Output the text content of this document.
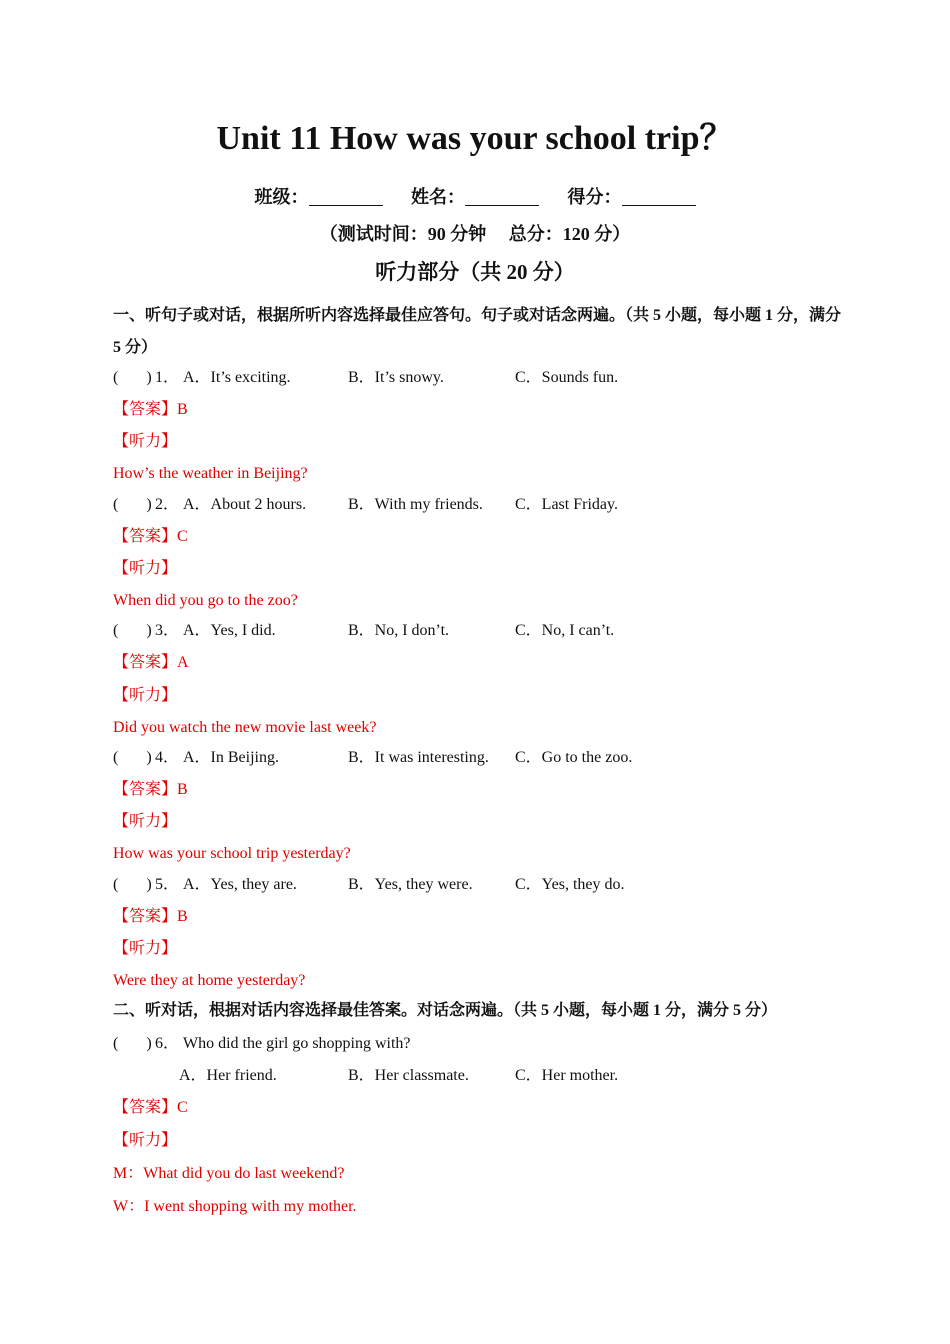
Unit 11 How was your school trip？
班级：	姓名：	得分：
（测试时间：90 分钟　 总分：120 分）
听力部分（共 20 分）
一、听句子或对话，根据所听内容选择最佳应答句。句子或对话念两遍。（共 5 小题，每小题 1 分，满分 5 分）
( ) 1． A．It’s exciting.	B．It’s snowy.	C．Sounds fun.
【答案】B
【听力】
How’s the weather in Beijing?
( ) 2． A．About 2 hours.	B．With my friends. C．Last Friday.
【答案】C
【听力】
When did you go to the zoo?
( ) 3． A．Yes, I did.	B．No, I don’t.	C．No, I can’t.
【答案】A
【听力】
Did you watch the new movie last week?
( ) 4． A．In Beijing.	B．It was interesting. C．Go to the zoo.
【答案】B
【听力】
How was your school trip yesterday?
( ) 5． A．Yes, they are.	B．Yes, they were.	C．Yes, they do.
【答案】B
【听力】
Were they at home yesterday?
二、听对话，根据对话内容选择最佳答案。对话念两遍。（共 5 小题，每小题 1 分，满分 5 分）
( ) 6． Who did the girl go shopping with?
A．Her friend.	B．Her classmate.	C．Her mother.
【答案】C
【听力】
M：What did you do last weekend?
W：I went shopping with my mother.
